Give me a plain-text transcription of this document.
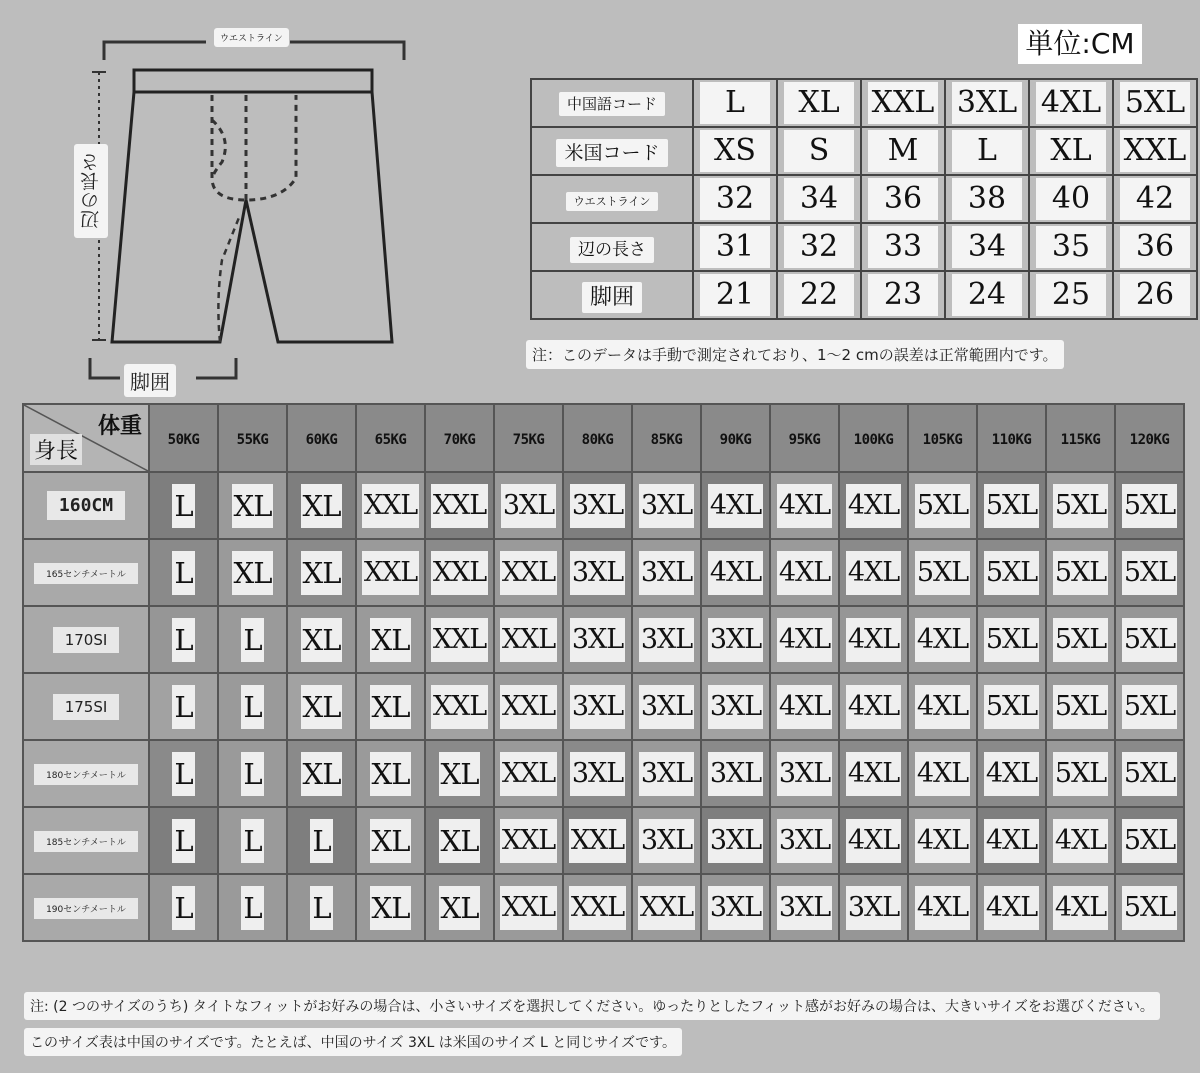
ウエストライン
辺の長さ
脚囲
単位:CM
中国語コード	L	XL	XXL	3XL	4XL	5XL
米国コード	XS	S	M	L	XL	XXL
ウエストライン	32	34	36	38	40	42
辺の長さ	31	32	33	34	35	36
脚囲	21	22	23	24	25	26
注：このデータは手動で測定されており、1〜2 cmの誤差は正常範囲内です。
体重
身長	50KG	55KG	60KG	65KG	70KG	75KG	80KG	85KG	90KG	95KG	100KG	105KG	110KG	115KG	120KG
160CM	L	XL	XL	XXL	XXL	3XL	3XL	3XL	4XL	4XL	4XL	5XL	5XL	5XL	5XL
165センチメートル	L	XL	XL	XXL	XXL	XXL	3XL	3XL	4XL	4XL	4XL	5XL	5XL	5XL	5XL
170SI	L	L	XL	XL	XXL	XXL	3XL	3XL	3XL	4XL	4XL	4XL	5XL	5XL	5XL
175SI	L	L	XL	XL	XXL	XXL	3XL	3XL	3XL	4XL	4XL	4XL	5XL	5XL	5XL
180センチメートル	L	L	XL	XL	XL	XXL	3XL	3XL	3XL	3XL	4XL	4XL	4XL	5XL	5XL
185センチメートル	L	L	L	XL	XL	XXL	XXL	3XL	3XL	3XL	4XL	4XL	4XL	4XL	5XL
190センチメートル	L	L	L	XL	XL	XXL	XXL	XXL	3XL	3XL	3XL	4XL	4XL	4XL	5XL
注: (2 つのサイズのうち) タイトなフィットがお好みの場合は、小さいサイズを選択してください。ゆったりとしたフィット感がお好みの場合は、大きいサイズをお選びください。
このサイズ表は中国のサイズです。たとえば、中国のサイズ 3XL は米国のサイズ L と同じサイズです。
